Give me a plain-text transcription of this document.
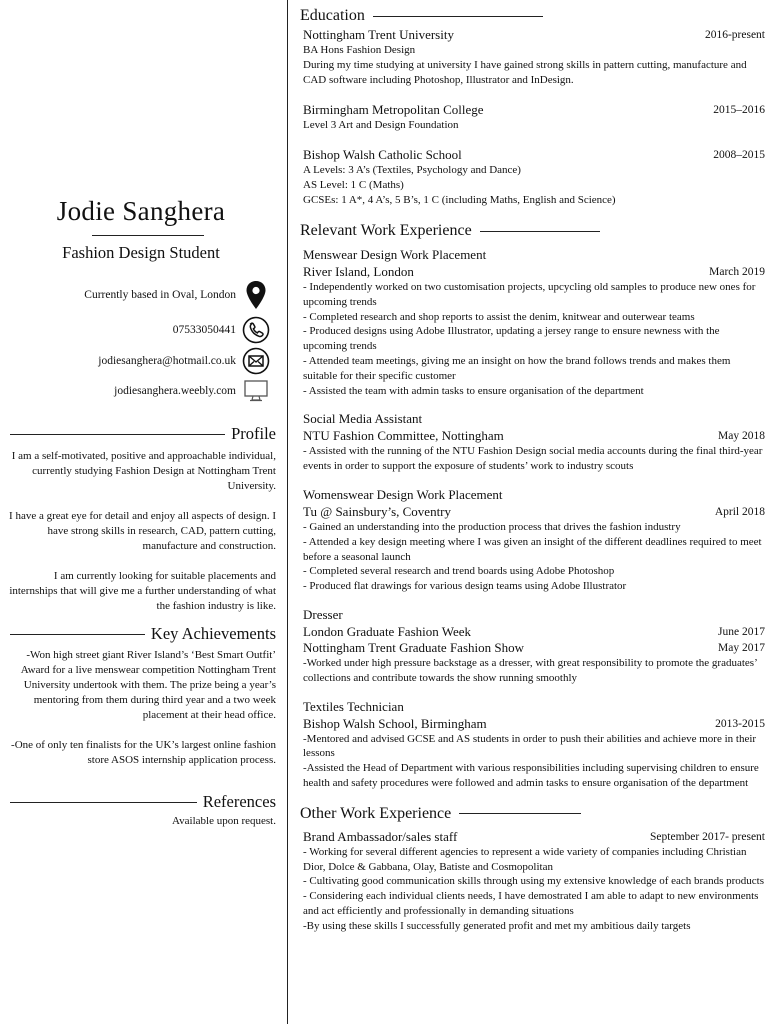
Jodie Sanghera
Fashion Design Student
Currently based in Oval, London
07533050441
jodiesanghera@hotmail.co.uk
jodiesanghera.weebly.com
Profile

I am a self-motivated, positive and approachable individual, currently studying Fashion Design at Nottingham Trent University.

I have a great eye for detail and enjoy all aspects of design. I have strong skills in research, CAD, pattern cutting, manufacture and construction.

I am currently looking for suitable placements and internships that will give me a further understanding of what the fashion industry is like.

Key Achievements

-Won high street giant River Island’s ‘Best Smart Outfit’ Award for a live menswear competition Nottingham Trent University undertook with them. The prize being a year’s mentoring from them during third year and a two week placement at their head office.

-One of only ten finalists for the UK’s largest online fashion store ASOS internship application process.

References
Available upon request.
Education
Nottingham Trent University	2016-present
BA Hons Fashion Design
During my time studying at university I have gained strong skills in pattern cutting, manufacture and CAD software including Photoshop, Illustrator and InDesign.
Birmingham Metropolitan College	2015–2016
Level 3 Art and Design Foundation
Bishop Walsh Catholic School	2008–2015
A Levels: 3 A’s (Textiles, Psychology and Dance)
AS Level: 1 C (Maths)
GCSEs: 1 A*, 4 A’s, 5 B’s, 1 C (including Maths, English and Science)
Relevant Work Experience
Menswear Design Work Placement
River Island, London	March 2019
- Independently worked on two customisation projects, upcycling old samples to produce new ones for upcoming trends
- Completed research and shop reports to assist the denim, knitwear and outerwear teams
- Produced designs using Adobe Illustrator, updating a jersey range to ensure newness with the upcoming trends
- Attended team meetings, giving me an insight on how the brand follows trends and makes them suitable for their specific customer
- Assisted the team with admin tasks to ensure organisation of the department
Social Media Assistant
NTU Fashion Committee, Nottingham	May 2018
- Assisted with the running of the NTU Fashion Design social media accounts during the final third-year events in order to support the exposure of students’ work to industry scouts
Womenswear Design Work Placement
Tu @ Sainsbury’s, Coventry	April 2018
- Gained an understanding into the production process that drives the fashion industry
- Attended a key design meeting where I was given an insight of the different deadlines required to meet before a seasonal launch
- Completed several research and trend boards using Adobe Photoshop
- Produced flat drawings for various design teams using Adobe Illustrator
Dresser
London Graduate Fashion Week	June 2017
Nottingham Trent Graduate Fashion Show	May 2017
-Worked under high pressure backstage as a dresser, with great responsibility to promote the graduates’ collections and contribute towards the show running smoothly
Textiles Technician
Bishop Walsh School, Birmingham	2013-2015
-Mentored and advised GCSE and AS students in order to push their abilities and achieve more in their lessons
-Assisted the Head of Department with various responsibilities including supervising children to ensure health and safety procedures were followed and admin tasks to ensure organisation of the department
Other Work Experience
Brand Ambassador/sales staff	September 2017- present
- Working for several different agencies to represent a wide variety of companies including Christian Dior, Dolce & Gabbana, Olay, Batiste and Cosmopolitan
- Cultivating good communication skills through using my extensive knowledge of each brands products
- Considering each individual clients needs, I have demostrated I am able to adapt to new environments and act efficiently and professionally in demanding situations
-By using these skills I successfully generated profit and met my ambitious daily targets
